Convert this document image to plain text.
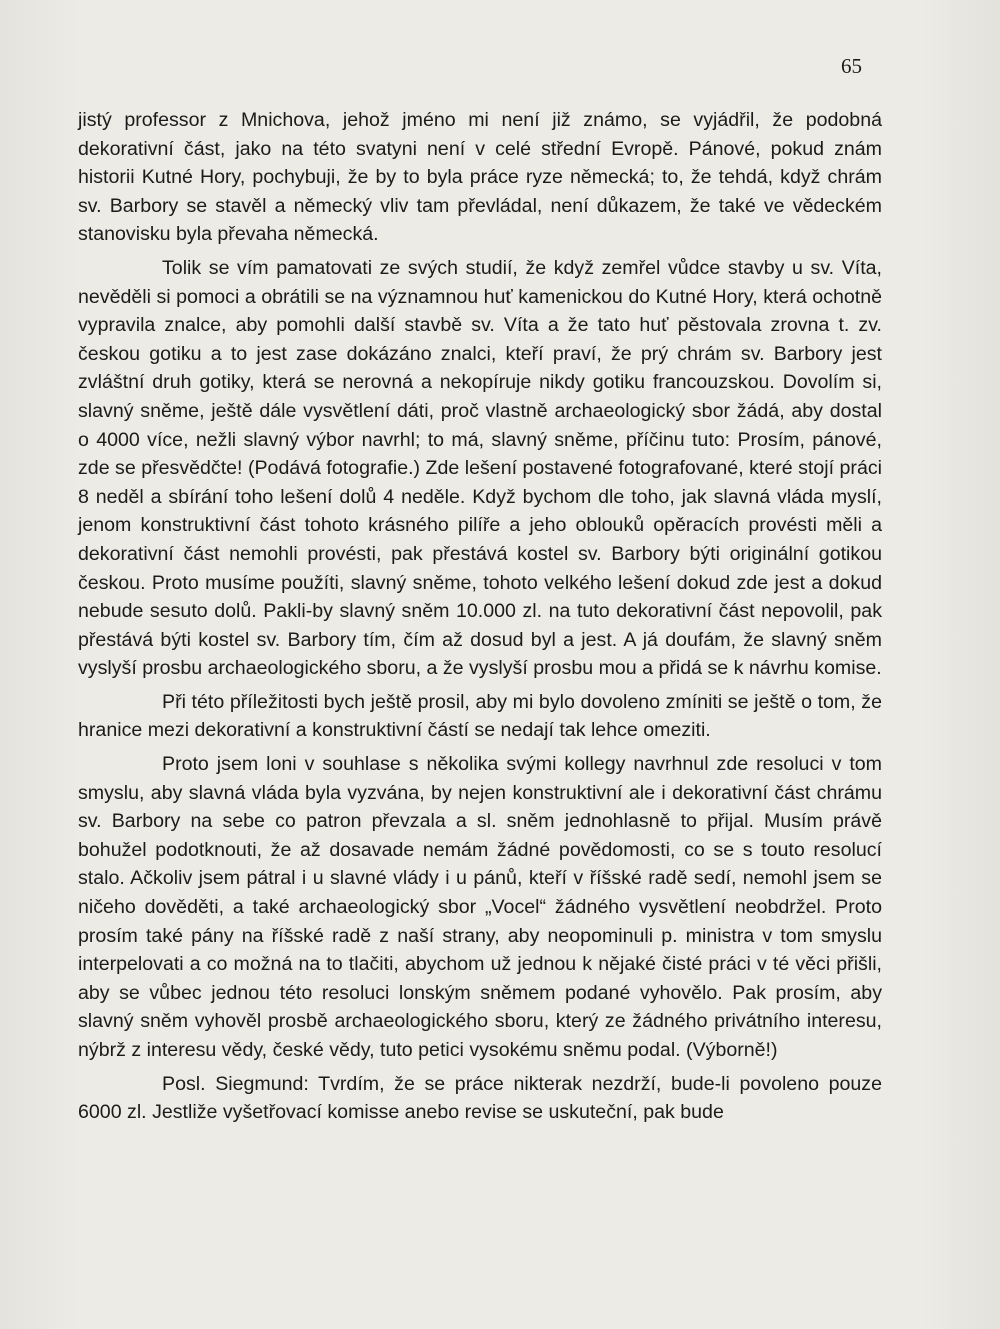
65

jistý professor z Mnichova, jehož jméno mi není již známo, se vyjádřil, že podobná dekorativní část, jako na této svatyni není v celé střední Evropě. Pánové, pokud znám historii Kutné Hory, pochybuji, že by to byla práce ryze německá; to, že tehdá, když chrám sv. Barbory se stavěl a německý vliv tam převládal, není důkazem, že také ve vědeckém stanovisku byla převaha německá.

Tolik se vím pamatovati ze svých studií, že když zemřel vůdce stavby u sv. Víta, nevěděli si pomoci a obrátili se na významnou huť kamenickou do Kutné Hory, která ochotně vypravila znalce, aby pomohli další stavbě sv. Víta a že tato huť pěstovala zrovna t. zv. českou gotiku a to jest zase dokázáno znalci, kteří praví, že prý chrám sv. Barbory jest zvláštní druh gotiky, která se nerovná a nekopíruje nikdy gotiku francouzskou. Dovolím si, slavný sněme, ještě dále vysvětlení dáti, proč vlastně archaeologický sbor žádá, aby dostal o 4000 více, nežli slavný výbor navrhl; to má, slavný sněme, příčinu tuto: Prosím, pánové, zde se přesvědčte! (Podává fotografie.) Zde lešení postavené fotografované, které stojí práci 8 neděl a sbírání toho lešení dolů 4 neděle. Když bychom dle toho, jak slavná vláda myslí, jenom konstruktivní část tohoto krásného pilíře a jeho oblouků opěracích provésti měli a dekorativní část nemohli provésti, pak přestává kostel sv. Barbory býti originální gotikou českou. Proto musíme použíti, slavný sněme, tohoto velkého lešení dokud zde jest a dokud nebude sesuto dolů. Pakli-by slavný sněm 10.000 zl. na tuto dekorativní část nepovolil, pak přestává býti kostel sv. Barbory tím, čím až dosud byl a jest. A já doufám, že slavný sněm vyslyší prosbu archaeologického sboru, a že vyslyší prosbu mou a přidá se k návrhu komise.

Při této příležitosti bych ještě prosil, aby mi bylo dovoleno zmíniti se ještě o tom, že hranice mezi dekorativní a konstruktivní částí se nedají tak lehce omeziti.

Proto jsem loni v souhlase s několika svými kollegy navrhnul zde resoluci v tom smyslu, aby slavná vláda byla vyzvána, by nejen konstruktivní ale i dekorativní část chrámu sv. Barbory na sebe co patron převzala a sl. sněm jednohlasně to přijal. Musím právě bohužel podotknouti, že až dosavade nemám žádné povědomosti, co se s touto resolucí stalo. Ačkoliv jsem pátral i u slavné vlády i u pánů, kteří v říšské radě sedí, nemohl jsem se ničeho dověděti, a také archaeologický sbor „Vocel“ žádného vysvětlení neobdržel. Proto prosím také pány na říšské radě z naší strany, aby neopominuli p. ministra v tom smyslu interpelovati a co možná na to tlačiti, abychom už jednou k nějaké čisté práci v té věci přišli, aby se vůbec jednou této resoluci lonským sněmem podané vyhovělo. Pak prosím, aby slavný sněm vyhověl prosbě archaeologického sboru, který ze žádného privátního interesu, nýbrž z interesu vědy, české vědy, tuto petici vysokému sněmu podal. (Výborně!)

Posl. Siegmund: Tvrdím, že se práce nikterak nezdrží, bude-li povoleno pouze 6000 zl. Jestliže vyšetřovací komisse anebo revise se uskuteční, pak bude
